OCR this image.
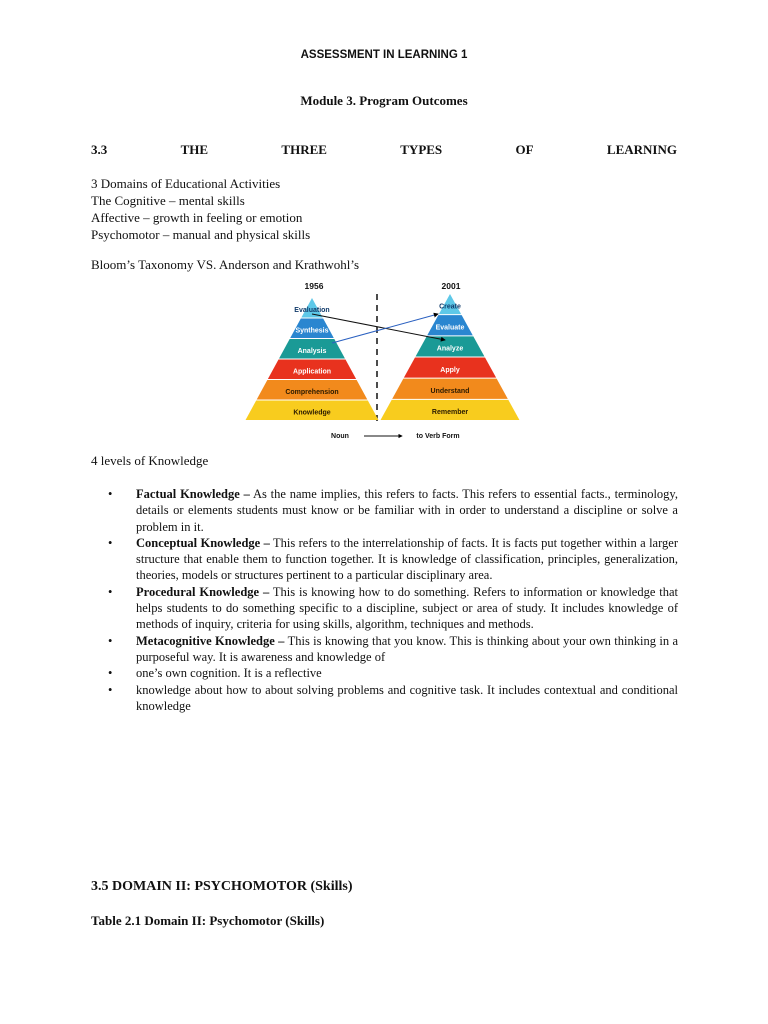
ASSESSMENT IN LEARNING 1
Module 3. Program Outcomes
3.3	THE	THREE	TYPES	OF	LEARNING
3 Domains of Educational Activities
The Cognitive – mental skills
Affective – growth in feeling or emotion
Psychomotor – manual and physical skills
Bloom’s Taxonomy VS. Anderson and Krathwohl’s
1956	2001
Evaluation
Synthesis
Analysis
Application
Comprehension
Knowledge
Create
Evaluate
Analyze
Apply
Understand
Remember
Noun	to Verb Form
4 levels of Knowledge
• Factual Knowledge – As the name implies, this refers to facts. This refers to essential facts., terminology, details or elements students must know or be familiar with in order to understand a discipline or solve a problem in it.
• Conceptual Knowledge – This refers to the interrelationship of facts. It is facts put together within a larger structure that enable them to function together. It is knowledge of classification, principles, generalization, theories, models or structures pertinent to a particular disciplinary area.
• Procedural Knowledge – This is knowing how to do something. Refers to information or knowledge that helps students to do something specific to a discipline, subject or area of study. It includes knowledge of methods of inquiry, criteria for using skills, algorithm, techniques and methods.
• Metacognitive Knowledge – This is knowing that you know. This is thinking about your own thinking in a purposeful way. It is awareness and knowledge of
• one’s own cognition. It is a reflective
• knowledge about how to about solving problems and cognitive task. It includes contextual and conditional knowledge
3.5 DOMAIN II: PSYCHOMOTOR (Skills)
Table 2.1 Domain II: Psychomotor (Skills)
